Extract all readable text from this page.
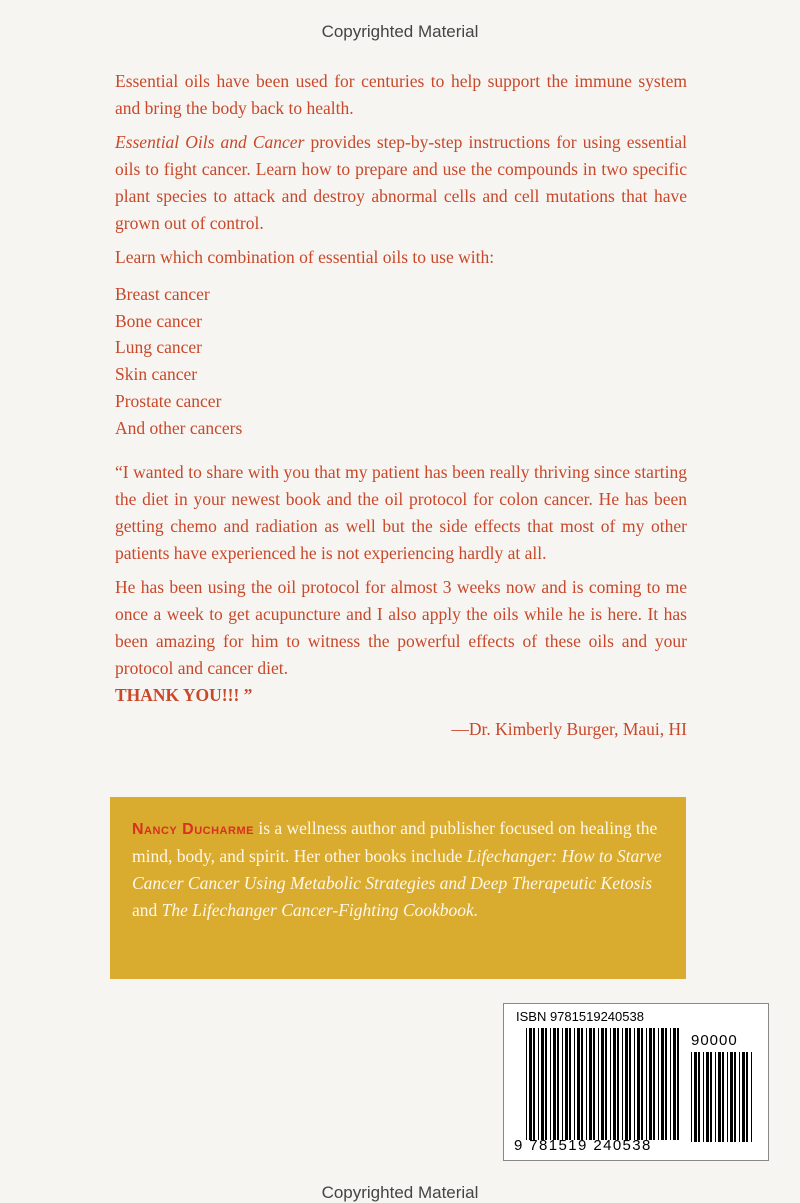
Copyrighted Material

Essential oils have been used for centuries to help support the immune system and bring the body back to health.

Essential Oils and Cancer provides step-by-step instructions for using essential oils to fight cancer. Learn how to prepare and use the compounds in two specific plant species to attack and destroy abnormal cells and cell mutations that have grown out of control.

Learn which combination of essential oils to use with:

Breast cancer
Bone cancer
Lung cancer
Skin cancer
Prostate cancer
And other cancers

“I wanted to share with you that my patient has been really thriving since starting the diet in your newest book and the oil protocol for colon cancer. He has been getting chemo and radiation as well but the side effects that most of my other patients have experienced he is not experiencing hardly at all.

He has been using the oil protocol for almost 3 weeks now and is coming to me once a week to get acupuncture and I also apply the oils while he is here. It has been amazing for him to witness the powerful effects of these oils and your protocol and cancer diet.
THANK YOU!!! ”

—Dr. Kimberly Burger, Maui, HI
Nancy Ducharme is a wellness author and publisher focused on healing the mind, body, and spirit. Her other books include Lifechanger: How to Starve Cancer Cancer Using Metabolic Strategies and Deep Therapeutic Ketosis and The Lifechanger Cancer-Fighting Cookbook.
ISBN 9781519240538
90000
9 781519 240538
Copyrighted Material
